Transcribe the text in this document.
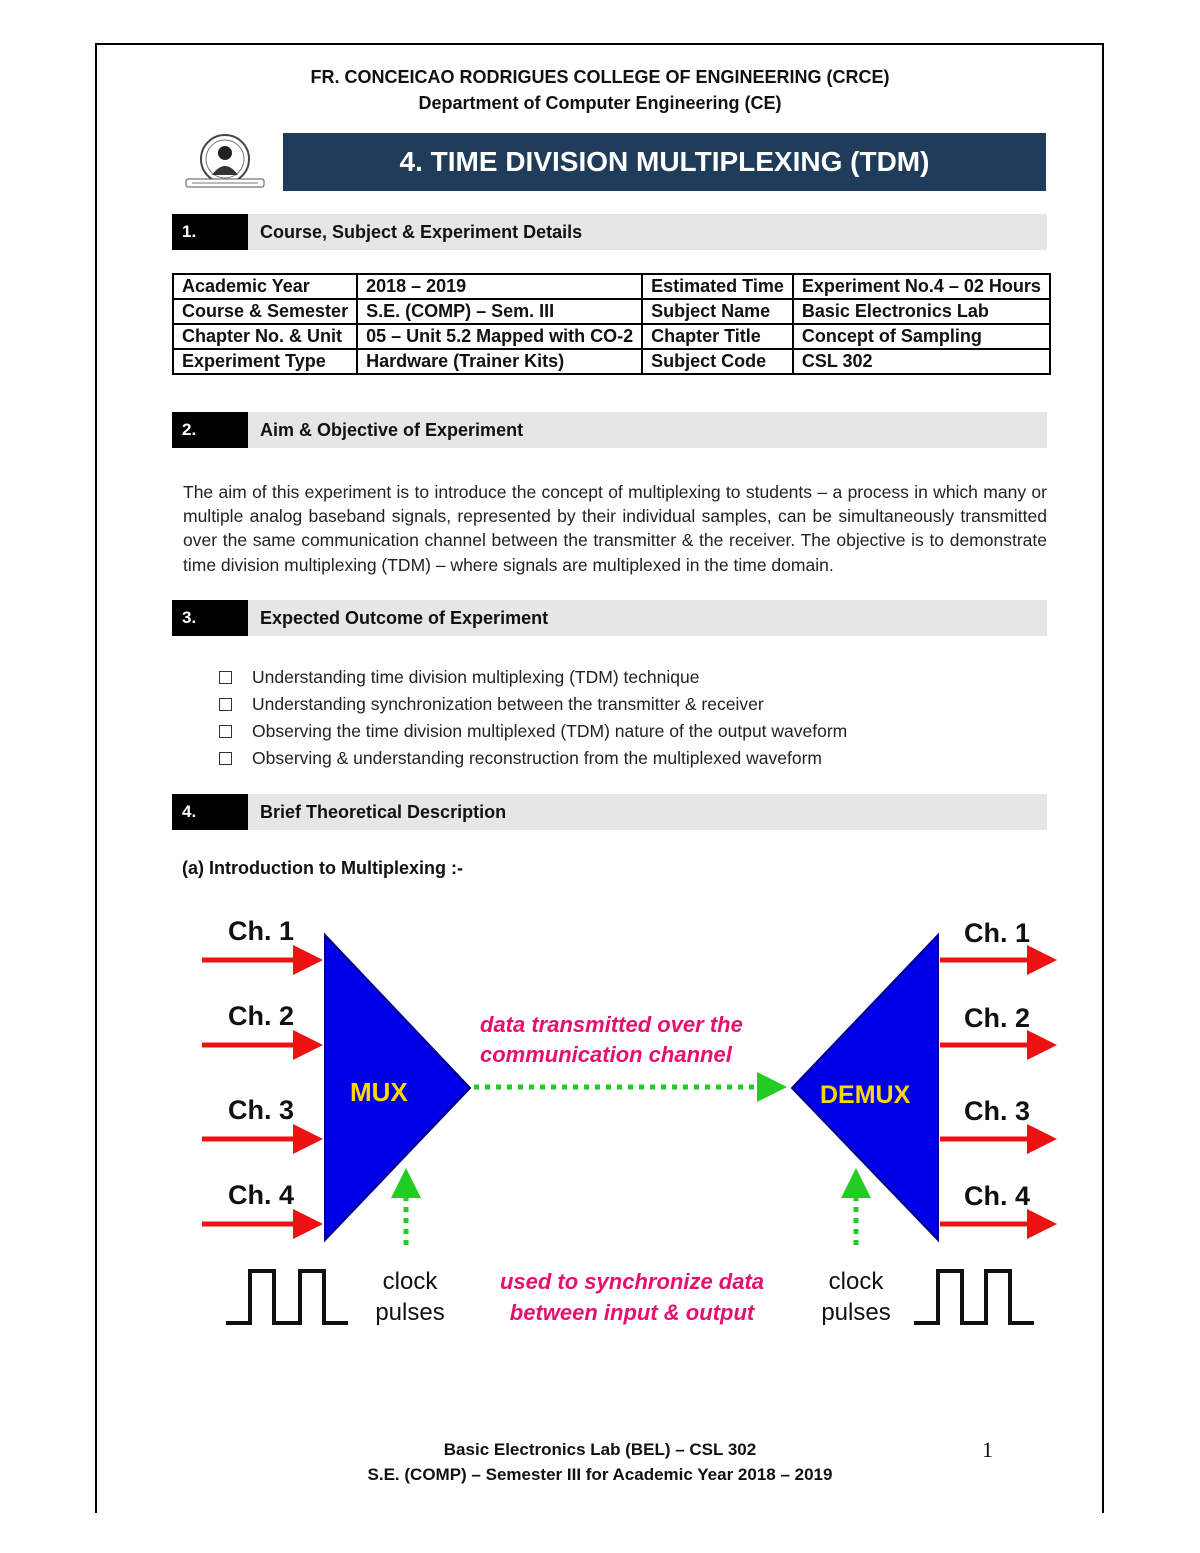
FR. CONCEICAO RODRIGUES COLLEGE OF ENGINEERING (CRCE)
Department of Computer Engineering (CE)
4. TIME DIVISION MULTIPLEXING (TDM)
1.	Course, Subject & Experiment Details
Academic Year	2018 – 2019	Estimated Time	Experiment No.4 – 02 Hours
Course & Semester	S.E. (COMP) – Sem. III	Subject Name	Basic Electronics Lab
Chapter No. & Unit	05 – Unit 5.2 Mapped with CO-2	Chapter Title	Concept of Sampling
Experiment Type	Hardware (Trainer Kits)	Subject Code	CSL 302
2.	Aim & Objective of Experiment
The aim of this experiment is to introduce the concept of multiplexing to students – a process in which many or multiple analog baseband signals, represented by their individual samples, can be simultaneously transmitted over the same communication channel between the transmitter & the receiver. The objective is to demonstrate time division multiplexing (TDM) – where signals are multiplexed in the time domain.
3.	Expected Outcome of Experiment
Understanding time division multiplexing (TDM) technique
Understanding synchronization between the transmitter & receiver
Observing the time division multiplexed (TDM) nature of the output waveform
Observing & understanding reconstruction from the multiplexed waveform
4.	Brief Theoretical Description
(a) Introduction to Multiplexing :-
Ch. 1
Ch. 2
Ch. 3
Ch. 4
MUX	DEMUX
data transmitted over the
communication channel
Ch. 1
Ch. 2
Ch. 3
Ch. 4
clock
pulses
clock
pulses
used to synchronize data
between input & output
Basic Electronics Lab (BEL) – CSL 302
S.E. (COMP) – Semester III for Academic Year 2018 – 2019
1
